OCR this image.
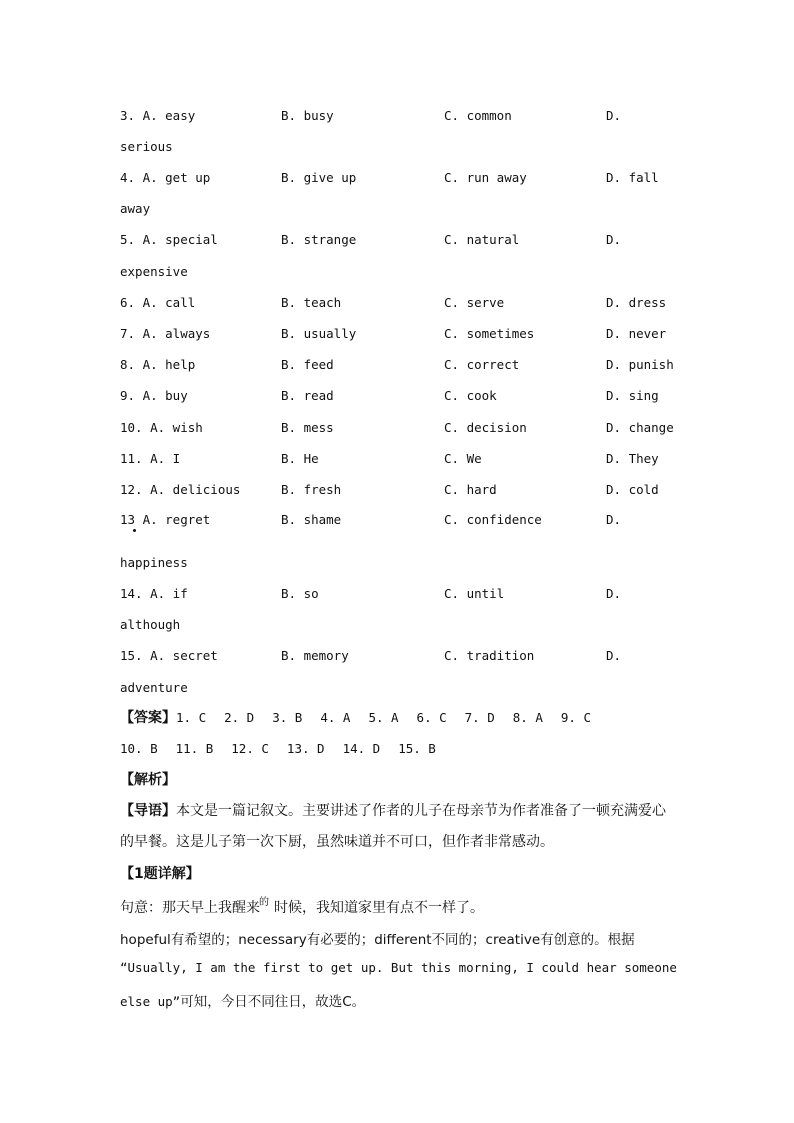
3. A. easy	B. busy	C. common	D.
serious
4. A. get up	B. give up	C. run away	D. fall
away
5. A. special	B. strange	C. natural	D.
expensive
6. A. call	B. teach	C. serve	D. dress
7. A. always	B. usually	C. sometimes	D. never
8. A. help	B. feed	C. correct	D. punish
9. A. buy	B. read	C. cook	D. sing
10. A. wish	B. mess	C. decision	D. change
11. A. I	B. He	C. We	D. They
12. A. delicious	B. fresh	C. hard	D. cold
13 A. regret	B. shame	C. confidence	D.
happiness
14. A. if	B. so	C. until	D.
although
15. A. secret	B. memory	C. tradition	D.
adventure
【答案】1. C 2. D 3. B 4. A 5. A 6. C 7. D 8. A 9. C
10. B 11. B 12. C 13. D 14. D 15. B
【解析】
【导语】本文是一篇记叙文。主要讲述了作者的儿子在母亲节为作者准备了一顿充满爱心
的早餐。这是儿子第一次下厨，虽然味道并不可口，但作者非常感动。
【1题详解】
句意：那天早上我醒来 时候，我知道家里有点不一样了。
的
hopeful有希望的；necessary有必要的；different不同的；creative有创意的。根据
“Usually, I am the first to get up. But this morning, I could hear someone
else up”可知，今日不同往日，故选C。
